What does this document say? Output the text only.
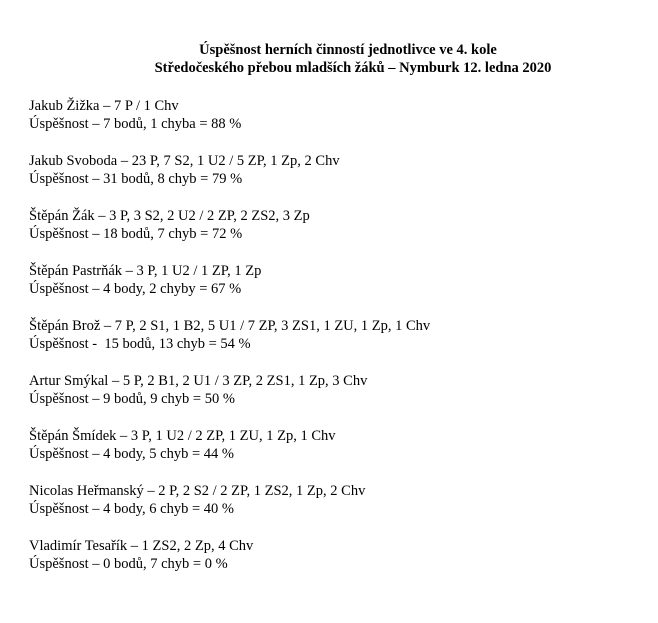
Úspěšnost herních činností jednotlivce ve 4. kole
Středočeského přebou mladších žáků – Nymburk 12. ledna 2020
Jakub Žižka – 7 P / 1 Chv
Úspěšnost – 7 bodů, 1 chyba = 88 %
Jakub Svoboda – 23 P, 7 S2, 1 U2 / 5 ZP, 1 Zp, 2 Chv
Úspěšnost – 31 bodů, 8 chyb = 79 %
Štěpán Žák – 3 P, 3 S2, 2 U2 / 2 ZP, 2 ZS2, 3 Zp
Úspěšnost – 18 bodů, 7 chyb = 72 %
Štěpán Pastrňák – 3 P, 1 U2 / 1 ZP, 1 Zp
Úspěšnost – 4 body, 2 chyby = 67 %
Štěpán Brož – 7 P, 2 S1, 1 B2, 5 U1 / 7 ZP, 3 ZS1, 1 ZU, 1 Zp, 1 Chv
Úspěšnost -  15 bodů, 13 chyb = 54 %
Artur Smýkal – 5 P, 2 B1, 2 U1 / 3 ZP, 2 ZS1, 1 Zp, 3 Chv
Úspěšnost – 9 bodů, 9 chyb = 50 %
Štěpán Šmídek – 3 P, 1 U2 / 2 ZP, 1 ZU, 1 Zp, 1 Chv
Úspěšnost – 4 body, 5 chyb = 44 %
Nicolas Heřmanský – 2 P, 2 S2 / 2 ZP, 1 ZS2, 1 Zp, 2 Chv
Úspěšnost – 4 body, 6 chyb = 40 %
Vladimír Tesařík – 1 ZS2, 2 Zp, 4 Chv
Úspěšnost – 0 bodů, 7 chyb = 0 %
